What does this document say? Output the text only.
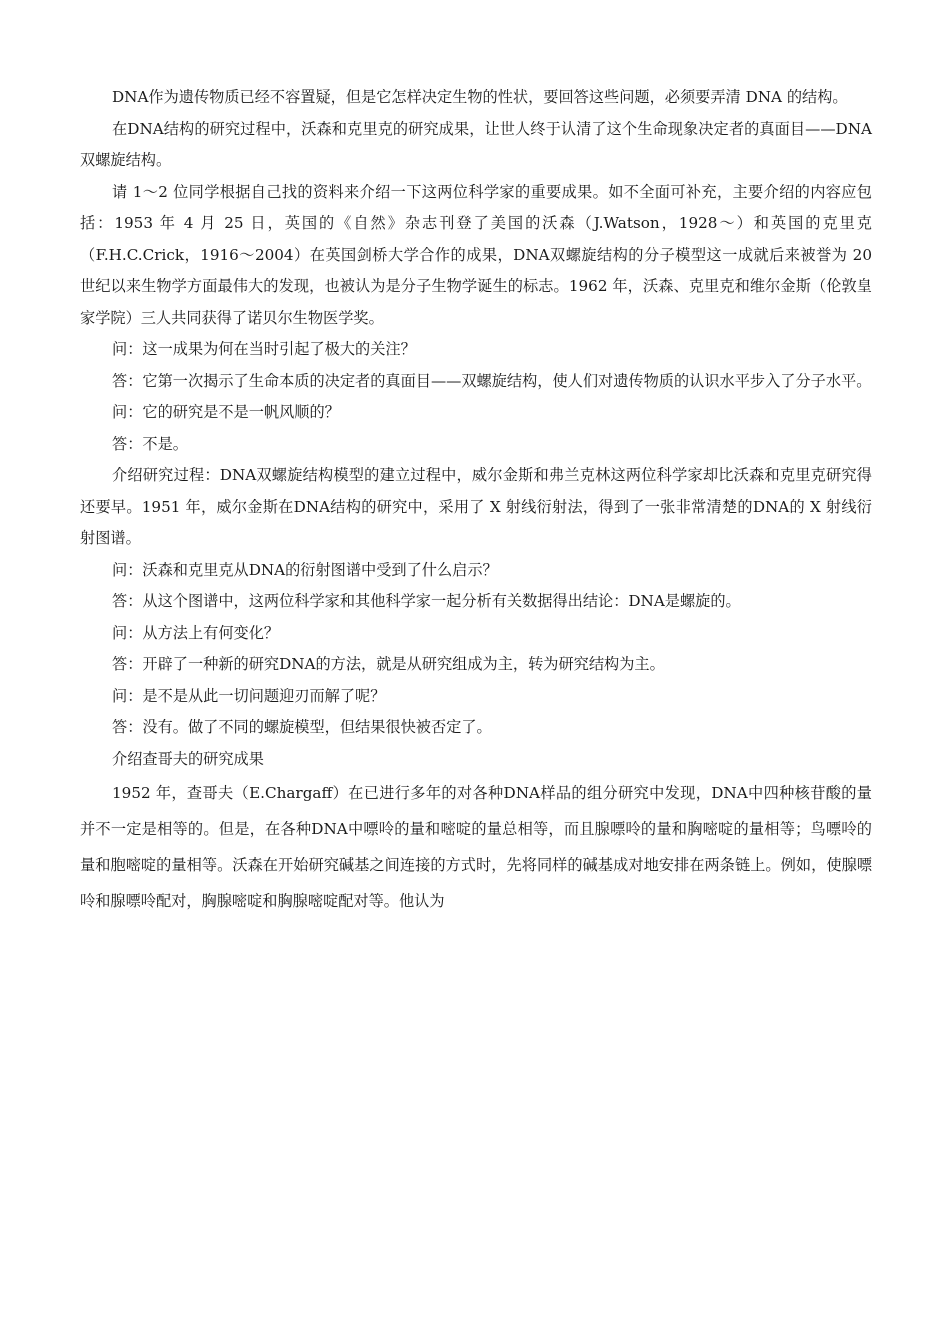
DNA作为遗传物质已经不容置疑，但是它怎样决定生物的性状，要回答这些问题，必须要弄清 DNA 的结构。

在DNA结构的研究过程中，沃森和克里克的研究成果，让世人终于认清了这个生命现象决定者的真面目——DNA双螺旋结构。

请 1～2 位同学根据自己找的资料来介绍一下这两位科学家的重要成果。如不全面可补充，主要介绍的内容应包括：1953 年 4 月 25 日，英国的《自然》杂志刊登了美国的沃森（J.Watson，1928～）和英国的克里克（F.H.C.Crick，1916～2004）在英国剑桥大学合作的成果，DNA双螺旋结构的分子模型这一成就后来被誉为 20 世纪以来生物学方面最伟大的发现，也被认为是分子生物学诞生的标志。1962 年，沃森、克里克和维尔金斯（伦敦皇家学院）三人共同获得了诺贝尔生物医学奖。

问：这一成果为何在当时引起了极大的关注？

答：它第一次揭示了生命本质的决定者的真面目——双螺旋结构，使人们对遗传物质的认识水平步入了分子水平。

问：它的研究是不是一帆风顺的？

答：不是。

介绍研究过程：DNA双螺旋结构模型的建立过程中，威尔金斯和弗兰克林这两位科学家却比沃森和克里克研究得还要早。1951 年，威尔金斯在DNA结构的研究中，采用了 X 射线衍射法，得到了一张非常清楚的DNA的 X 射线衍射图谱。

问：沃森和克里克从DNA的衍射图谱中受到了什么启示？

答：从这个图谱中，这两位科学家和其他科学家一起分析有关数据得出结论：DNA是螺旋的。

问：从方法上有何变化？

答：开辟了一种新的研究DNA的方法，就是从研究组成为主，转为研究结构为主。

问：是不是从此一切问题迎刃而解了呢？

答：没有。做了不同的螺旋模型，但结果很快被否定了。

介绍查哥夫的研究成果

1952 年，查哥夫（E.Chargaff）在已进行多年的对各种DNA样品的组分研究中发现，DNA中四种核苷酸的量并不一定是相等的。但是，在各种DNA中嘌呤的量和嘧啶的量总相等，而且腺嘌呤的量和胸嘧啶的量相等；鸟嘌呤的量和胞嘧啶的量相等。沃森在开始研究碱基之间连接的方式时，先将同样的碱基成对地安排在两条链上。例如，使腺嘌呤和腺嘌呤配对，胸腺嘧啶和胸腺嘧啶配对等。他认为
